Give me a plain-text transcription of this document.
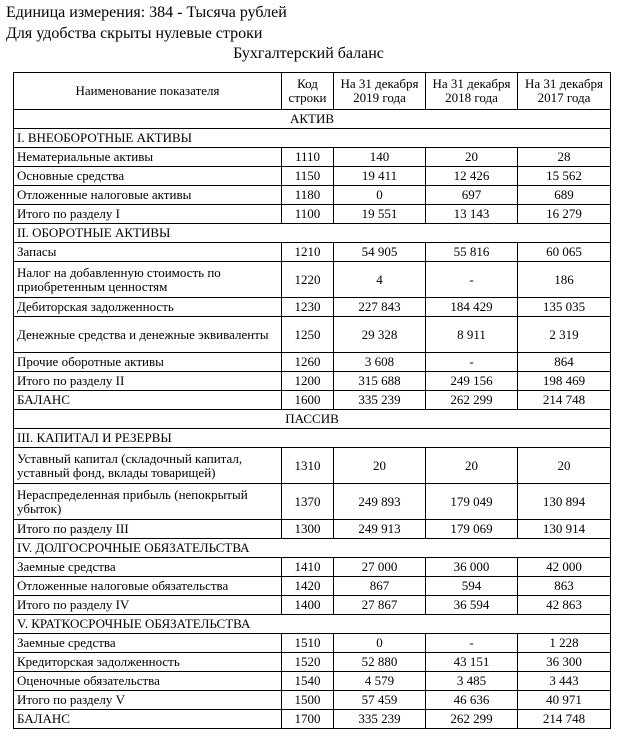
Единица измерения: 384 - Тысяча рублей
Для удобства скрыты нулевые строки
Бухгалтерский баланс
Наименование показателя	Код строки	На 31 декабря 2019 года	На 31 декабря 2018 года	На 31 декабря 2017 года
АКТИВ				
I. ВНЕОБОРОТНЫЕ АКТИВЫ				
Нематериальные активы	1110	140	20	28
Основные средства	1150	19 411	12 426	15 562
Отложенные налоговые активы	1180	0	697	689
Итого по разделу I	1100	19 551	13 143	16 279
II. ОБОРОТНЫЕ АКТИВЫ				
Запасы	1210	54 905	55 816	60 065
Налог на добавленную стоимость по приобретенным ценностям	1220	4	-	186
Дебиторская задолженность	1230	227 843	184 429	135 035
Денежные средства и денежные эквиваленты	1250	29 328	8 911	2 319
Прочие оборотные активы	1260	3 608	-	864
Итого по разделу II	1200	315 688	249 156	198 469
БАЛАНС	1600	335 239	262 299	214 748
ПАССИВ				
III. КАПИТАЛ И РЕЗЕРВЫ				
Уставный капитал (складочный капитал, уставный фонд, вклады товарищей)	1310	20	20	20
Нераспределенная прибыль (непокрытый убыток)	1370	249 893	179 049	130 894
Итого по разделу III	1300	249 913	179 069	130 914
IV. ДОЛГОСРОЧНЫЕ ОБЯЗАТЕЛЬСТВА				
Заемные средства	1410	27 000	36 000	42 000
Отложенные налоговые обязательства	1420	867	594	863
Итого по разделу IV	1400	27 867	36 594	42 863
V. КРАТКОСРОЧНЫЕ ОБЯЗАТЕЛЬСТВА				
Заемные средства	1510	0	-	1 228
Кредиторская задолженность	1520	52 880	43 151	36 300
Оценочные обязательства	1540	4 579	3 485	3 443
Итого по разделу V	1500	57 459	46 636	40 971
БАЛАНС	1700	335 239	262 299	214 748
